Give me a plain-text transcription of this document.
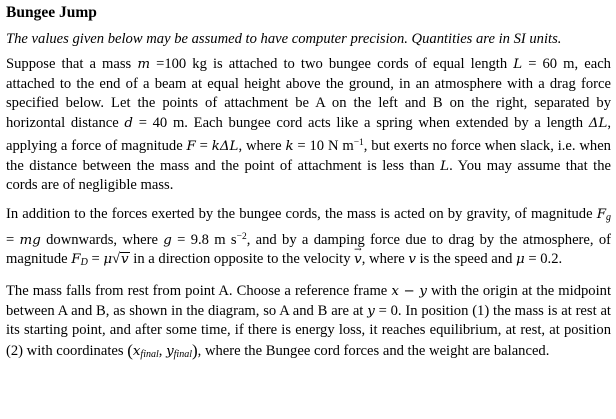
Bungee Jump
The values given below may be assumed to have computer precision. Quantities are in SI units.
Suppose that a mass m =100 kg is attached to two bungee cords of equal length L = 60 m, each attached to the end of a beam at equal height above the ground, in an atmosphere with a drag force specified below. Let the points of attachment be A on the left and B on the right, separated by horizontal distance d = 40 m. Each bungee cord acts like a spring when extended by a length ΔL, applying a force of magnitude F = kΔL, where k = 10 N $m^{-1}$, but exerts no force when slack, i.e. when the distance between the mass and the point of attachment is less than L. You may assume that the cords are of negligible mass.
In addition to the forces exerted by the bungee cords, the mass is acted on by gravity, of magnitude $F_g$ = mg downwards, where g = 9.8 m $s^{-2}$, and by a damping force due to drag by the atmosphere, of magnitude $F_D = \mu√v$ in a direction opposite to the velocity → v, where v is the speed and μ = 0.2.
The mass falls from rest from point A. Choose a reference frame x − y with the origin at the midpoint between A and B, as shown in the diagram, so A and B are at y = 0. In position (1) the mass is at rest at its starting point, and after some time, if there is energy loss, it reaches equilibrium, at rest, at position (2) with coordinates ($x_{final}$, $y_{final}$), where the Bungee cord forces and the weight are balanced.
